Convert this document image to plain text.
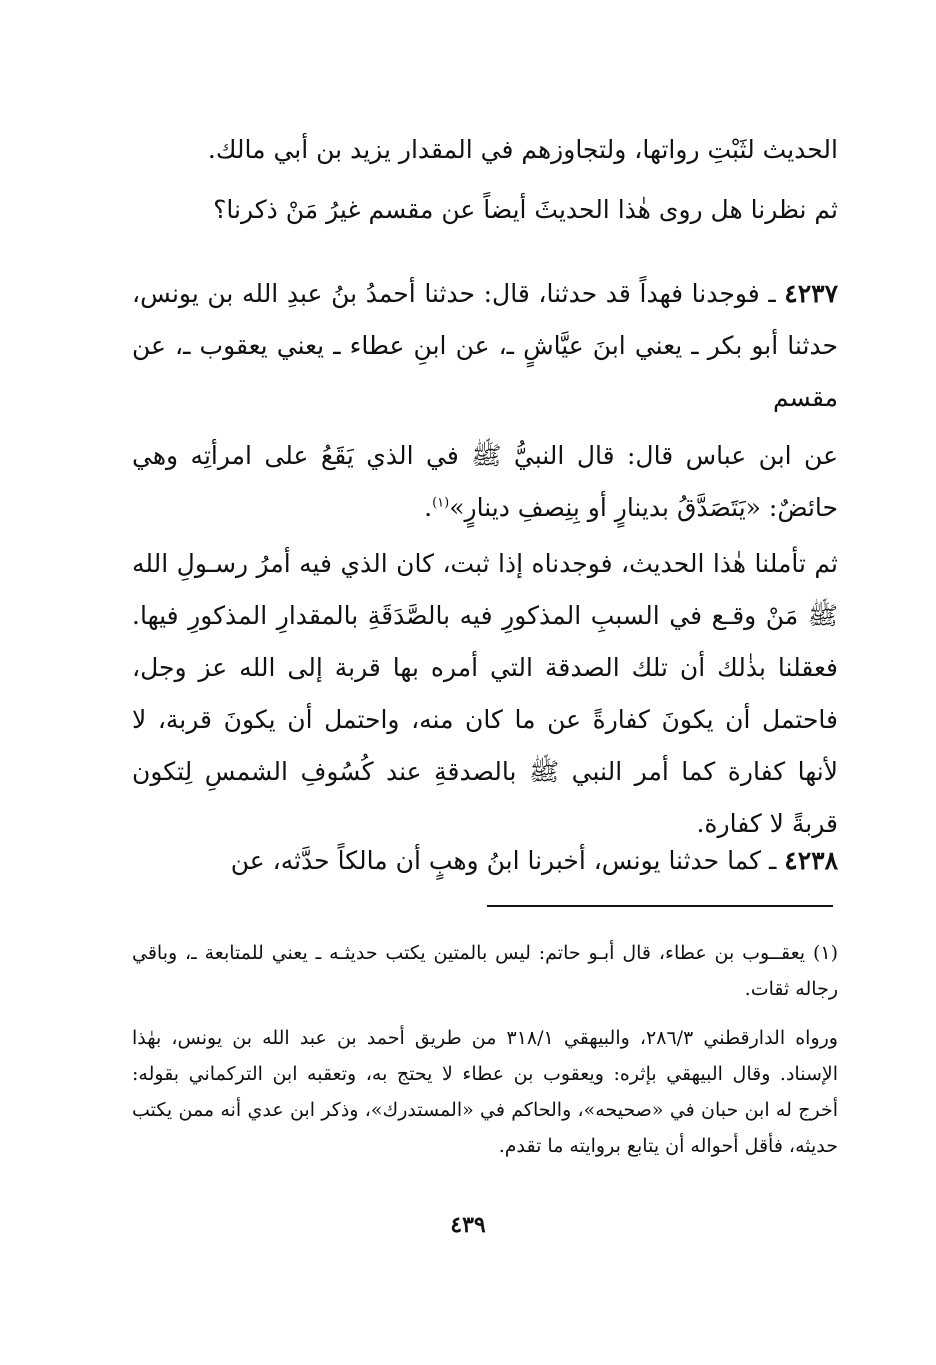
الحديث لثَبْتِ رواتها، ولتجاوزهم في المقدار يزيد بن أبي مالك.

ثم نظرنا هل روى هٰذا الحديثَ أيضاً عن مقسم غيرُ مَنْ ذكرنا؟

٤٢٣٧ ـ فوجدنا فهداً قد حدثنا، قال: حدثنا أحمدُ بنُ عبدِ الله بن يونس، حدثنا أبو بكر ـ يعني ابنَ عيَّاشٍ ـ، عن ابنِ عطاء ـ يعني يعقوب ـ، عن مقسم

عن ابن عباس قال: قال النبيُّ ﷺ في الذي يَقَعُ على امرأتِه وهي حائضٌ: «يَتَصَدَّقُ بدينارٍ أو بِنِصفِ دينارٍ»$^{(١)}$.

ثم تأملنا هٰذا الحديث، فوجدناه إذا ثبت، كان الذي فيه أمرُ رسـولِ الله ﷺ مَنْ وقـع في السببِ المذكورِ فيه بالصَّدَقَةِ بالمقدارِ المذكورِ فيها. فعقلنا بذٰلك أن تلك الصدقة التي أمره بها قربة إلى الله عز وجل، فاحتمل أن يكونَ كفارةً عن ما كان منه، واحتمل أن يكونَ قربة، لا لأنها كفارة كما أمر النبي ﷺ بالصدقةِ عند كُسُوفِ الشمسِ لِتكون قربةً لا كفارة.

٤٢٣٨ ـ كما حدثنا يونس، أخبرنا ابنُ وهبٍ أن مالكاً حدَّثه، عن

(١) يعقــوب بن عطاء، قال أبـو حاتم: ليس بالمتين يكتب حديثـه ـ يعني للمتابعة ـ، وباقي رجاله ثقات.

ورواه الدارقطني ٢٨٦/٣، والبيهقي ٣١٨/١ من طريق أحمد بن عبد الله بن يونس، بهٰذا الإسناد. وقال البيهقي بإثره: ويعقوب بن عطاء لا يحتج به، وتعقبه ابن التركماني بقوله: أخرج له ابن حبان في «صحيحه»، والحاكم في «المستدرك»، وذكر ابن عدي أنه ممن يكتب حديثه، فأقل أحواله أن يتابع بروايته ما تقدم.

٤٣٩
